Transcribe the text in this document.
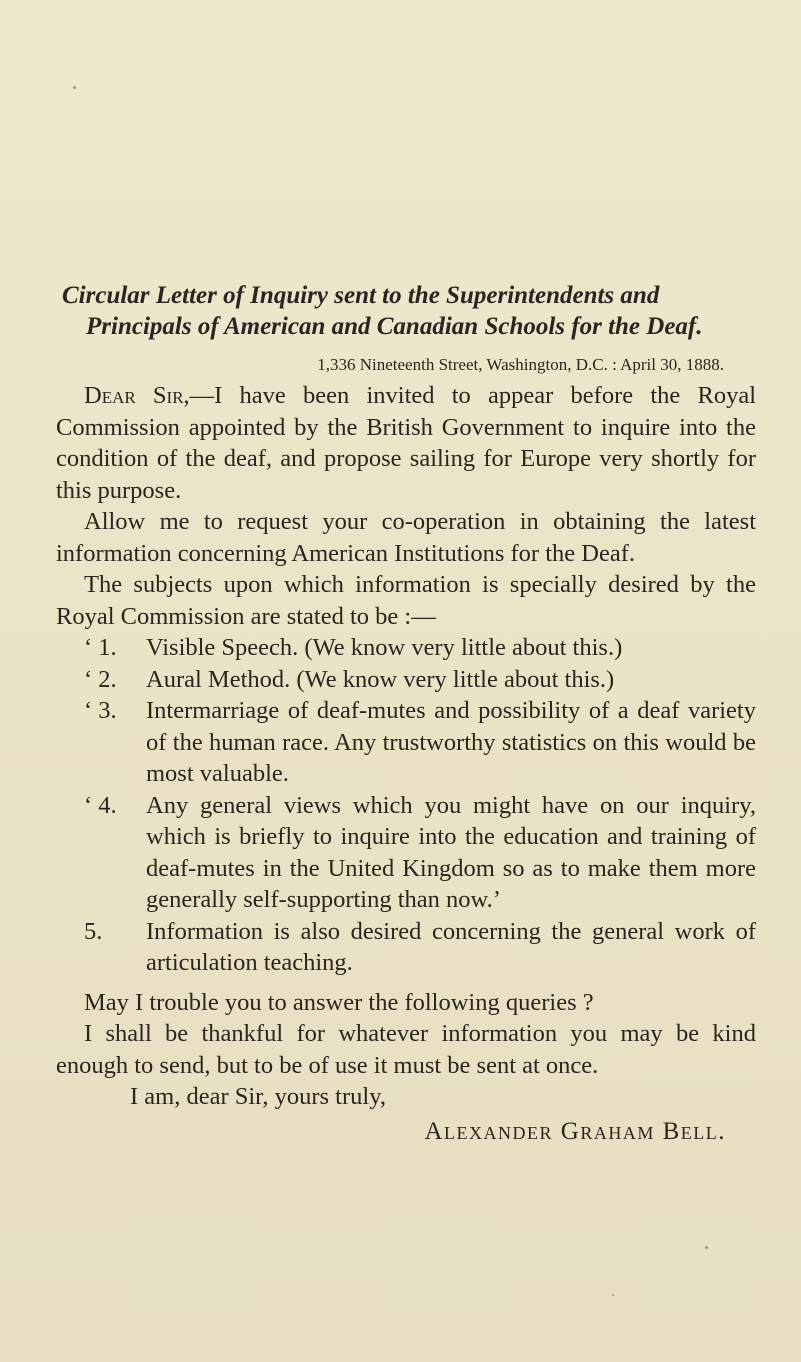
Circular Letter of Inquiry sent to the Superintendents and
Principals of American and Canadian Schools for the Deaf.
1,336 Nineteenth Street, Washington, D.C. : April 30, 1888.

Dear Sir,—I have been invited to appear before the Royal Commission appointed by the British Government to inquire into the condition of the deaf, and propose sailing for Europe very shortly for this purpose.

Allow me to request your co-operation in obtaining the latest information concerning American Institutions for the Deaf.

The subjects upon which information is specially desired by the Royal Commission are stated to be :—

‘ 1. Visible Speech. (We know very little about this.)
‘ 2. Aural Method. (We know very little about this.)
‘ 3. Intermarriage of deaf-mutes and possibility of a deaf variety of the human race. Any trustworthy statistics on this would be most valuable.
‘ 4. Any general views which you might have on our inquiry, which is briefly to inquire into the education and training of deaf-mutes in the United Kingdom so as to make them more generally self-supporting than now.’
5. Information is also desired concerning the general work of articulation teaching.

May I trouble you to answer the following queries ?

I shall be thankful for whatever information you may be kind enough to send, but to be of use it must be sent at once.

I am, dear Sir, yours truly,
Alexander Graham Bell.
